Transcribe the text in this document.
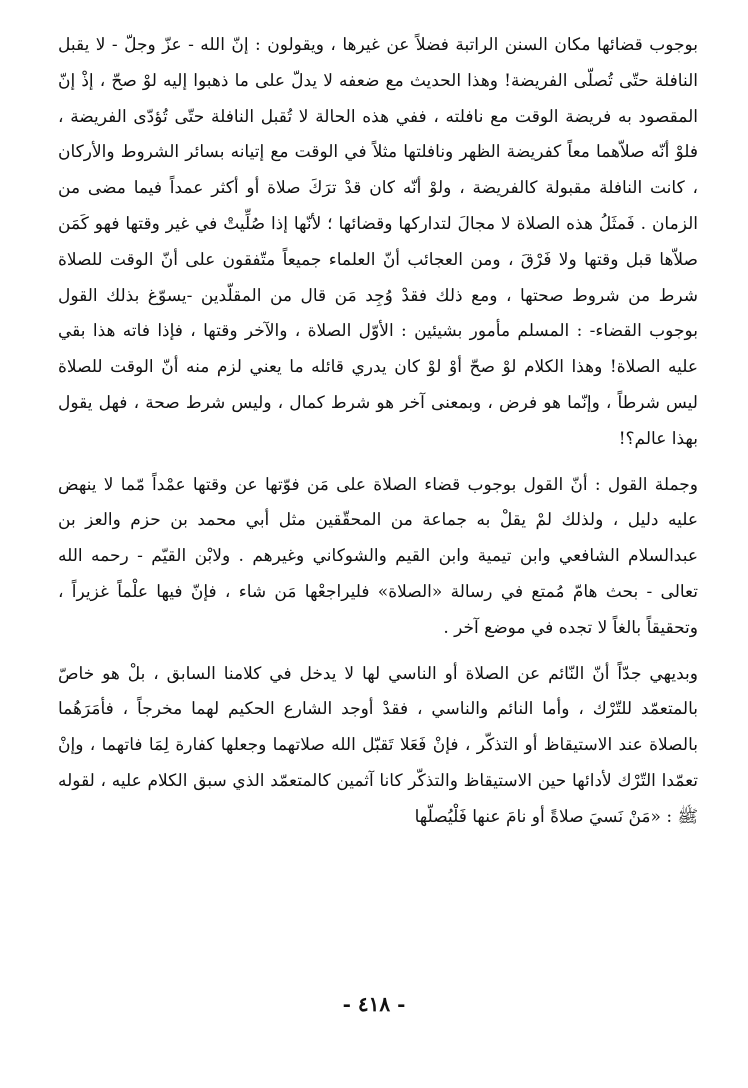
بوجوب قضائها مكان السنن الراتبة فضلاً عن غيرها ، ويقولون : إنّ الله - عزّ وجلّ - لا يقبل النافلة حتّى تُصلّى الفريضة! وهذا الحديث مع ضعفه لا يدلّ على ما ذهبوا إليه لوْ صحّ ، إذْ إنّ المقصود به فريضة الوقت مع نافلته ، ففي هذه الحالة لا تُقبل النافلة حتّى تُؤدّى الفريضة ، فلوْ أنّه صلاّهما معاً كفريضة الظهر ونافلتها مثلاً في الوقت مع إتيانه بسائر الشروط والأركان ، كانت النافلة مقبولة كالفريضة ، ولوْ أنّه كان قدْ ترَكَ صلاة أو أكثر عمداً فيما مضى من الزمان . فَمثَلُ هذه الصلاة لا مجالَ لتداركها وقضائها ؛ لأنّها إذا صُلِّيتْ في غير وقتها فهو كَمَن صلاّها قبل وقتها ولا فَرْقَ ، ومن العجائب أنّ العلماء جميعاً متّفقون على أنّ الوقت للصلاة شرط من شروط صحتها ، ومع ذلك فقدْ وُجِد مَن قال من المقلّدين -يسوّغ بذلك القول بوجوب القضاء- : المسلم مأمور بشيئين : الأوّل الصلاة ، والآخر وقتها ، فإذا فاته هذا بقي عليه الصلاة! وهذا الكلام لوْ صحّ أوْ لوْ كان يدري قائله ما يعني لزم منه أنّ الوقت للصلاة ليس شرطاً ، وإنّما هو فرض ، وبمعنى آخر هو شرط كمال ، وليس شرط صحة ، فهل يقول بهذا عالم؟!

وجملة القول : أنّ القول بوجوب قضاء الصلاة على مَن فوّتها عن وقتها عمْداً مّما لا ينهض عليه دليل ، ولذلك لمْ يقلْ به جماعة من المحقّقين مثل أبي محمد بن حزم والعز بن عبدالسلام الشافعي وابن تيمية وابن القيم والشوكاني وغيرهم . ولابْن القيّم - رحمه الله تعالى - بحث هامّ مُمتع في رسالة «الصلاة» فليراجعْها مَن شاء ، فإنّ فيها علْماً غزيراً ، وتحقيقاً بالغاً لا تجده في موضع آخر .

وبديهي جدّاً أنّ النّائم عن الصلاة أو الناسي لها لا يدخل في كلامنا السابق ، بلْ هو خاصّ بالمتعمّد للتّرْك ، وأما النائم والناسي ، فقدْ أوجد الشارع الحكيم لهما مخرجاً ، فأمَرَهُما بالصلاة عند الاستيقاظ أو التذكّر ، فإنْ فَعَلا تَقبّل الله صلاتهما وجعلها كفارة لِمَا فاتهما ، وإنْ تعمّدا التّرْك لأدائها حين الاستيقاظ والتذكّر كانا آثمين كالمتعمّد الذي سبق الكلام عليه ، لقوله ﷺ : «مَنْ نَسيَ صلاةً أو نامَ عنها فَلْيُصلّها

- ٤١٨ -
